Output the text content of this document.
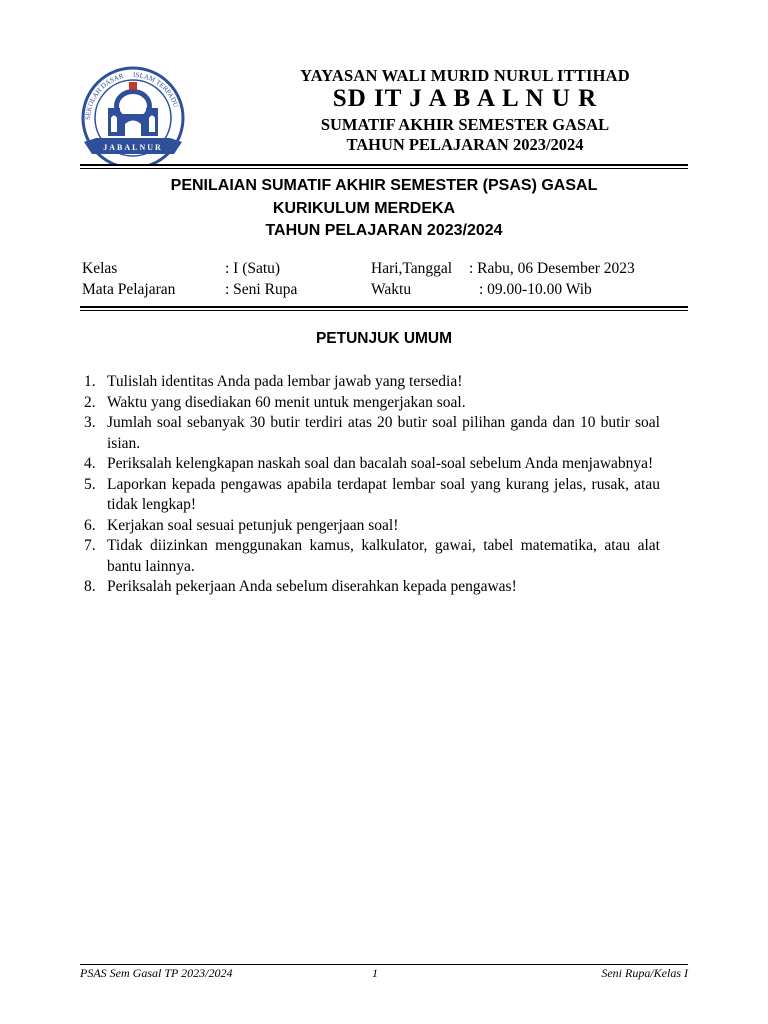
SEKOLAH DASAR ISLAM TERPADU
JABALNUR
YAYASAN WALI MURID NURUL ITTIHAD
SD IT J A B A L N U R
SUMATIF AKHIR SEMESTER GASAL
TAHUN PELAJARAN 2023/2024
PENILAIAN SUMATIF AKHIR SEMESTER (PSAS) GASAL
KURIKULUM MERDEKA
TAHUN PELAJARAN 2023/2024
Kelas	: I (Satu)
Mata Pelajaran	: Seni Rupa
Hari,Tanggal : Rabu, 06 Desember 2023
Waktu	: 09.00-10.00 Wib
PETUNJUK UMUM
1. Tulislah identitas Anda pada lembar jawab yang tersedia!
2. Waktu yang disediakan 60 menit untuk mengerjakan soal.
3. Jumlah soal sebanyak 30 butir terdiri atas 20 butir soal pilihan ganda dan 10 butir soal isian.
4. Periksalah kelengkapan naskah soal dan bacalah soal-soal sebelum Anda menjawabnya!
5. Laporkan kepada pengawas apabila terdapat lembar soal yang kurang jelas, rusak, atau tidak lengkap!
6. Kerjakan soal sesuai petunjuk pengerjaan soal!
7. Tidak diizinkan menggunakan kamus, kalkulator, gawai, tabel matematika, atau alat bantu lainnya.
8. Periksalah pekerjaan Anda sebelum diserahkan kepada pengawas!
PSAS Sem Gasal TP 2023/2024	1	Seni Rupa/Kelas I
